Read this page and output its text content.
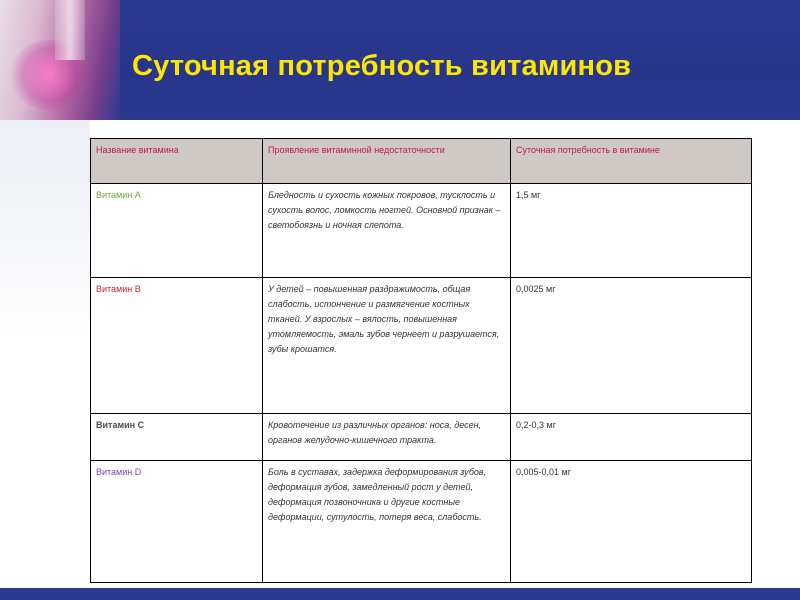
Суточная потребность витаминов
Название витамина	Проявление витаминной недостаточности	Суточная потребность в витамине
Витамин А	Бледность и сухость кожных покровов, тусклость и сухость волос, ломкость ногтей. Основной признак – светобоязнь и ночная слепота.	1,5 мг
Витамин В	У детей – повышенная раздражимость, общая слабость, истончение и размягчение костных тканей. У взрослых – вялость, повышенная утомляемость, эмаль зубов чернеет и разрушается, зубы крошатся.	0,0025 мг
Витамин С	Кровотечение из различных органов: носа, десен, органов желудочно-кишечного тракта.	0,2-0,3 мг
Витамин D	Боль в суставах, задержка деформирования зубов, деформация зубов, замедленный рост у детей, деформация позвоночника и другие костные деформации, сутулость, потеря веса, слабость.	0,005-0,01 мг
